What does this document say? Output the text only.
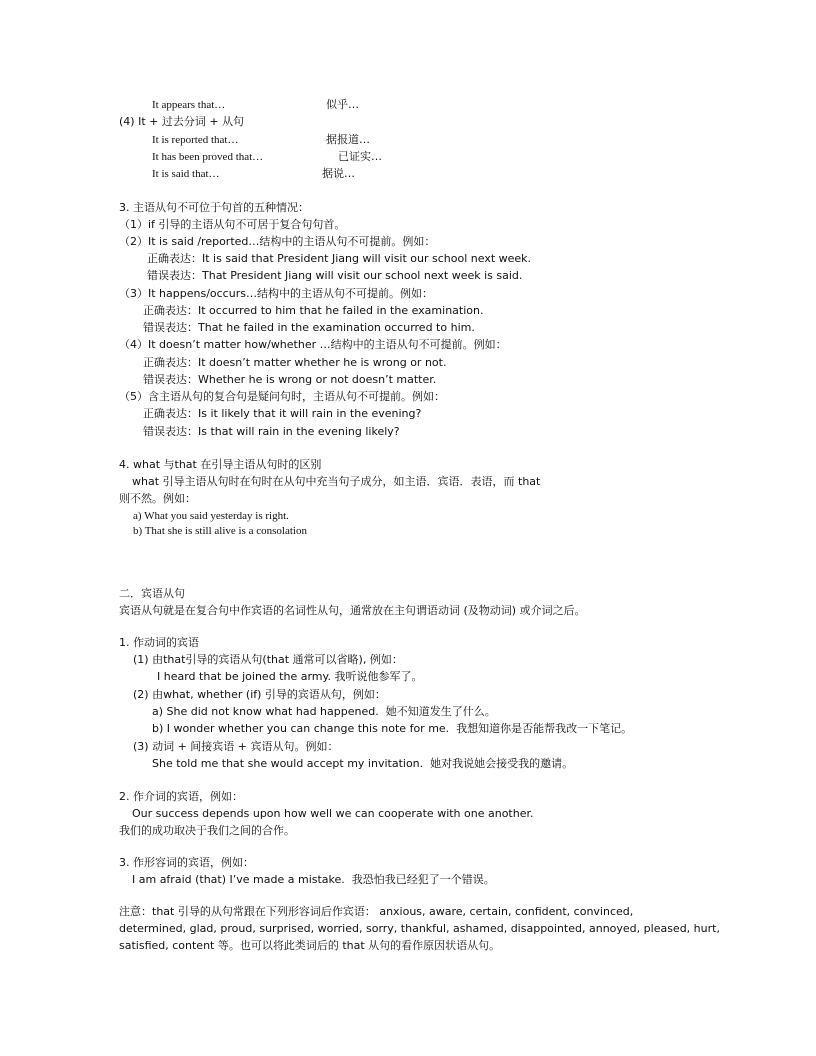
It appears that…	似乎…
(4) It + 过去分词 + 从句
It is reported that…	据报道…
It has been proved that…	已证实…
It is said that…	据说…
3. 主语从句不可位于句首的五种情况：
（1）if 引导的主语从句不可居于复合句句首。
（2）It is said /reported…结构中的主语从句不可提前。例如：
正确表达：It is said that President Jiang will visit our school next week.
错误表达：That President Jiang will visit our school next week is said.
（3）It happens/occurs…结构中的主语从句不可提前。例如：
正确表达：It occurred to him that he failed in the examination.
错误表达：That he failed in the examination occurred to him.
（4）It doesn’t matter how/whether …结构中的主语从句不可提前。例如：
正确表达：It doesn’t matter whether he is wrong or not.
错误表达：Whether he is wrong or not doesn’t matter.
（5）含主语从句的复合句是疑问句时，主语从句不可提前。例如：
正确表达：Is it likely that it will rain in the evening?
错误表达：Is that will rain in the evening likely?
4. what 与that 在引导主语从句时的区别
what 引导主语从句时在句时在从句中充当句子成分，如主语．宾语．表语，而 that
则不然。例如：
a) What you said yesterday is right.
b) That she is still alive is a consolation
二．宾语从句
宾语从句就是在复合句中作宾语的名词性从句，通常放在主句谓语动词 (及物动词) 或介词之后。
1. 作动词的宾语
(1) 由that引导的宾语从句(that 通常可以省略), 例如：
I heard that be joined the army. 我听说他参军了。
(2) 由what, whether (if) 引导的宾语从句，例如：
a) She did not know what had happened.  她不知道发生了什么。
b) I wonder whether you can change this note for me.  我想知道你是否能帮我改一下笔记。
(3) 动词 + 间接宾语 + 宾语从句。例如：
She told me that she would accept my invitation.  她对我说她会接受我的邀请。
2. 作介词的宾语，例如：
Our success depends upon how well we can cooperate with one another.
我们的成功取决于我们之间的合作。
3. 作形容词的宾语，例如：
I am afraid (that) I’ve made a mistake.  我恐怕我已经犯了一个错误。
注意：that 引导的从句常跟在下列形容词后作宾语： anxious, aware, certain, confident, convinced,
determined, glad, proud, surprised, worried, sorry, thankful, ashamed, disappointed, annoyed, pleased, hurt,
satisfied, content 等。也可以将此类词后的 that 从句的看作原因状语从句。
